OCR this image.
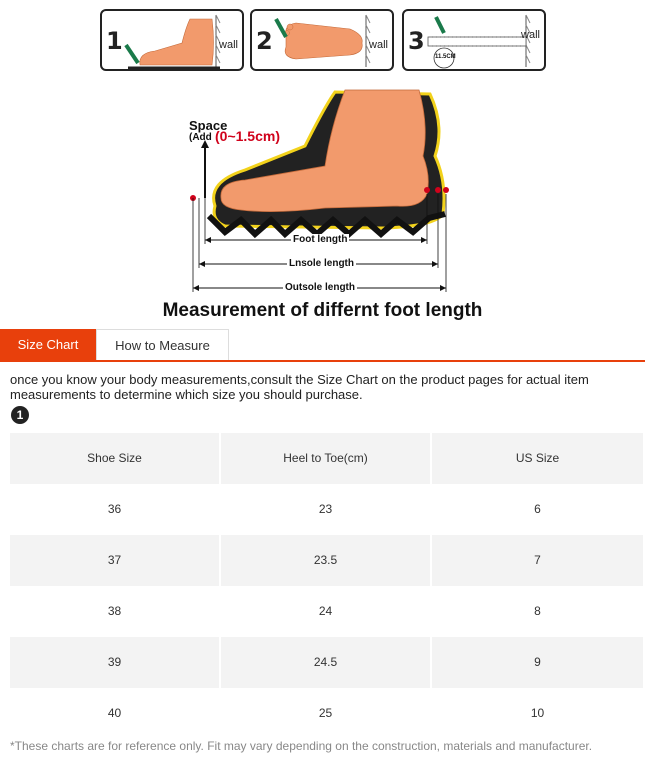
1	wall 2	wall 3
11.5CM
wall
Space
(Add (0~1.5cm)
Foot length
Lnsole length
Outsole length
Measurement of differnt foot length
Size Chart	How to Measure
once you know your body measurements,consult the Size Chart on the product pages for actual item measurements to determine which size you should purchase.
1
Shoe Size	Heel to Toe(cm)	US Size
36	23	6
37	23.5	7
38	24	8
39	24.5	9
40	25	10
*These charts are for reference only. Fit may vary depending on the construction, materials and manufacturer.
